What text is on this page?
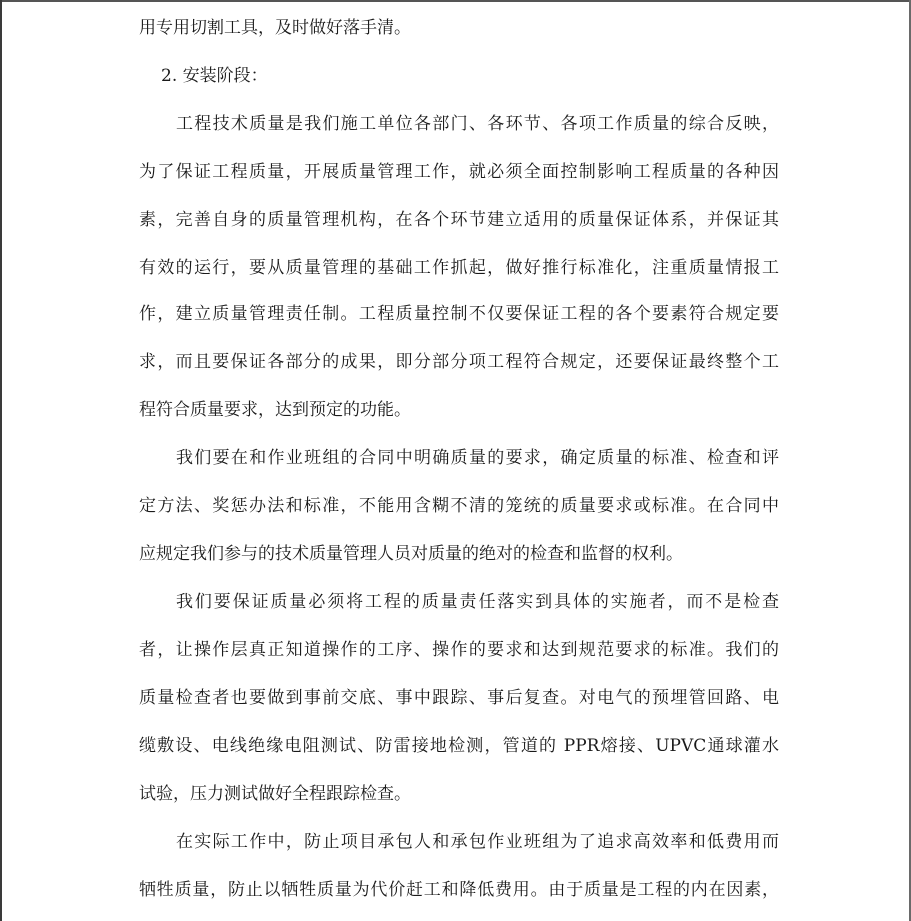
用专用切割工具，及时做好落手清。
2. 安装阶段：
工程技术质量是我们施工单位各部门、各环节、各项工作质量的综合反映，
为了保证工程质量，开展质量管理工作，就必须全面控制影响工程质量的各种因
素，完善自身的质量管理机构，在各个环节建立适用的质量保证体系，并保证其
有效的运行，要从质量管理的基础工作抓起，做好推行标准化，注重质量情报工
作，建立质量管理责任制。工程质量控制不仅要保证工程的各个要素符合规定要
求，而且要保证各部分的成果，即分部分项工程符合规定，还要保证最终整个工
程符合质量要求，达到预定的功能。
我们要在和作业班组的合同中明确质量的要求，确定质量的标准、检查和评
定方法、奖惩办法和标准，不能用含糊不清的笼统的质量要求或标准。在合同中
应规定我们参与的技术质量管理人员对质量的绝对的检查和监督的权利。
我们要保证质量必须将工程的质量责任落实到具体的实施者，而不是检查
者，让操作层真正知道操作的工序、操作的要求和达到规范要求的标准。我们的
质量检查者也要做到事前交底、事中跟踪、事后复查。对电气的预埋管回路、电
缆敷设、电线绝缘电阻测试、防雷接地检测，管道的 PPR熔接、UPVC通球灌水
试验，压力测试做好全程跟踪检查。
在实际工作中，防止项目承包人和承包作业班组为了追求高效率和低费用而
牺牲质量，防止以牺牲质量为代价赶工和降低费用。由于质量是工程的内在因素，
